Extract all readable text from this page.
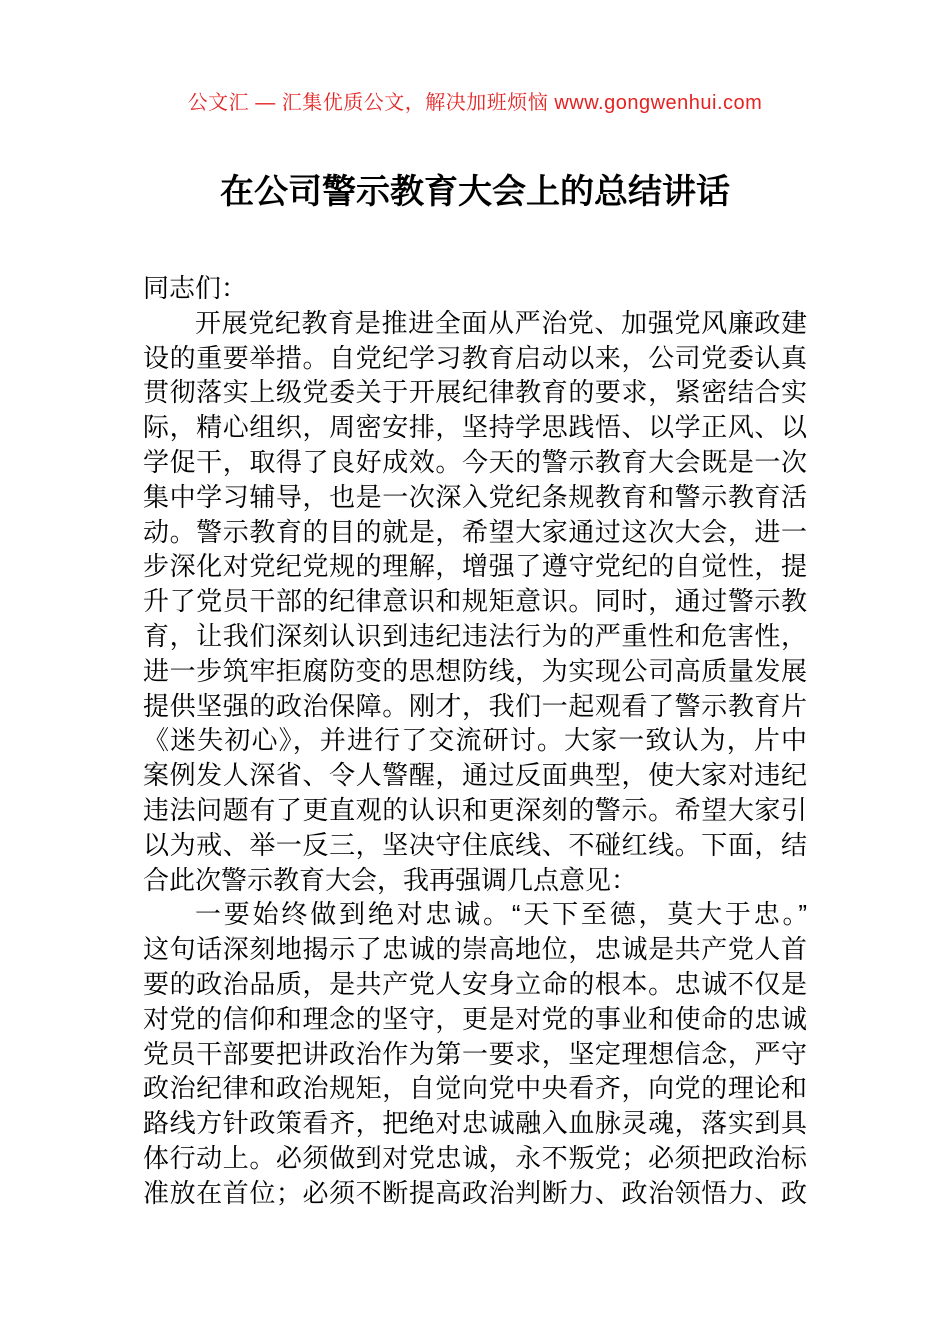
公文汇 — 汇集优质公文，解决加班烦恼 www.gongwenhui.com
在公司警示教育大会上的总结讲话
同志们：
开展党纪教育是推进全面从严治党、加强党风廉政建
设的重要举措。自党纪学习教育启动以来，公司党委认真
贯彻落实上级党委关于开展纪律教育的要求，紧密结合实
际，精心组织，周密安排，坚持学思践悟、以学正风、以
学促干，取得了良好成效。今天的警示教育大会既是一次
集中学习辅导，也是一次深入党纪条规教育和警示教育活
动。警示教育的目的就是，希望大家通过这次大会，进一
步深化对党纪党规的理解，增强了遵守党纪的自觉性，提
升了党员干部的纪律意识和规矩意识。同时，通过警示教
育，让我们深刻认识到违纪违法行为的严重性和危害性，
进一步筑牢拒腐防变的思想防线，为实现公司高质量发展
提供坚强的政治保障。刚才，我们一起观看了警示教育片
《迷失初心》，并进行了交流研讨。大家一致认为，片中
案例发人深省、令人警醒，通过反面典型，使大家对违纪
违法问题有了更直观的认识和更深刻的警示。希望大家引
以为戒、举一反三，坚决守住底线、不碰红线。下面，结
合此次警示教育大会，我再强调几点意见：
一要始终做到绝对忠诚。“天下至德，莫大于忠。”
这句话深刻地揭示了忠诚的崇高地位，忠诚是共产党人首
要的政治品质，是共产党人安身立命的根本。忠诚不仅是
对党的信仰和理念的坚守，更是对党的事业和使命的忠诚
党员干部要把讲政治作为第一要求，坚定理想信念，严守
政治纪律和政治规矩，自觉向党中央看齐，向党的理论和
路线方针政策看齐，把绝对忠诚融入血脉灵魂，落实到具
体行动上。必须做到对党忠诚，永不叛党；必须把政治标
准放在首位；必须不断提高政治判断力、政治领悟力、政
